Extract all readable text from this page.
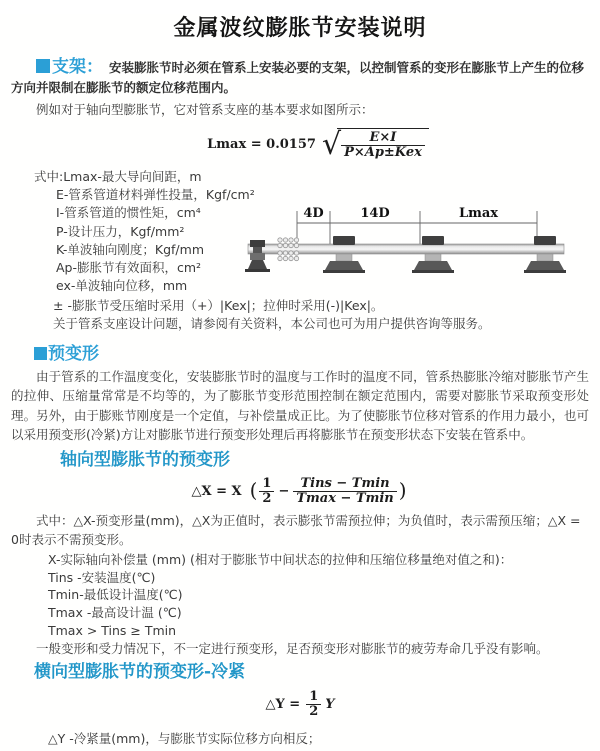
金属波纹膨胀节安装说明

支架： 安装膨胀节时必须在管系上安装必要的支架，以控制管系的变形在膨胀节上产生的位移方向并限制在膨胀节的额定位移范围内。

例如对于轴向型膨胀节，它对管系支座的基本要求如图所示：

Lmax = 0.0157 √ $\frac{E\times I}{\text{P×Ap±Kex}}$
式中:Lmax-最大导向间距，m
E-管系管道材料弹性投量，Kgf/cm²
I-管系管道的惯性矩，cm⁴
P-设计压力，Kgf/mm²
K-单波轴向刚度；Kgf/mm
Ap-膨胀节有效面积，cm²
ex-单波轴向位移，mm
± -膨胀节受压缩时采用（+）|Kex|；拉伸时采用(-)|Kex|。
关于管系支座设计问题，请参阅有关资料，本公司也可为用户提供咨询等服务。
4D	14D	Lmax
预变形

由于管系的工作温度变化，安装膨胀节时的温度与工作时的温度不同，管系热膨胀冷缩对膨胀节产生的拉伸、压缩量常常是不均等的，为了膨胀节变形范围控制在额定范围内，需要对膨胀节采取预变形处理。另外，由于膨账节刚度是一个定值，与补偿量成正比。为了使膨胀节位移对管系的作用力最小，也可以采用预变形(冷紧)方让对膨胀节进行预变形处理后再将膨胀节在预变形状态下安装在管系中。

轴向型膨胀节的预变形
△X = X ( $\frac{1}{2} - \frac{\text{Tins − Tmin}}{Tmax - Tmin}$ )

式中：△X-预变形量(mm)，△X为正值时，表示膨张节需预拉伸；为负值时，表示需预压缩；△X = 0时表示不需预变形。

X-实际轴向补偿量 (mm) (相对于膨胀节中间状态的拉伸和压缩位移量绝对值之和)：
Tins -安装温度(℃)
Tmin-最低设计温度(℃)
Tmax -最高设计温 (℃)
Tmax > Tins ≥ Tmin

一般变形和受力情况下，不一定进行预变形，足否预变形对膨胀节的疲劳寿命几乎没有影响。

横向型膨胀节的预变形-冷紧
△Y = $\frac{1}{2}$ Y
△Y -冷紧量(mm)，与膨胀节实际位移方向相反；
